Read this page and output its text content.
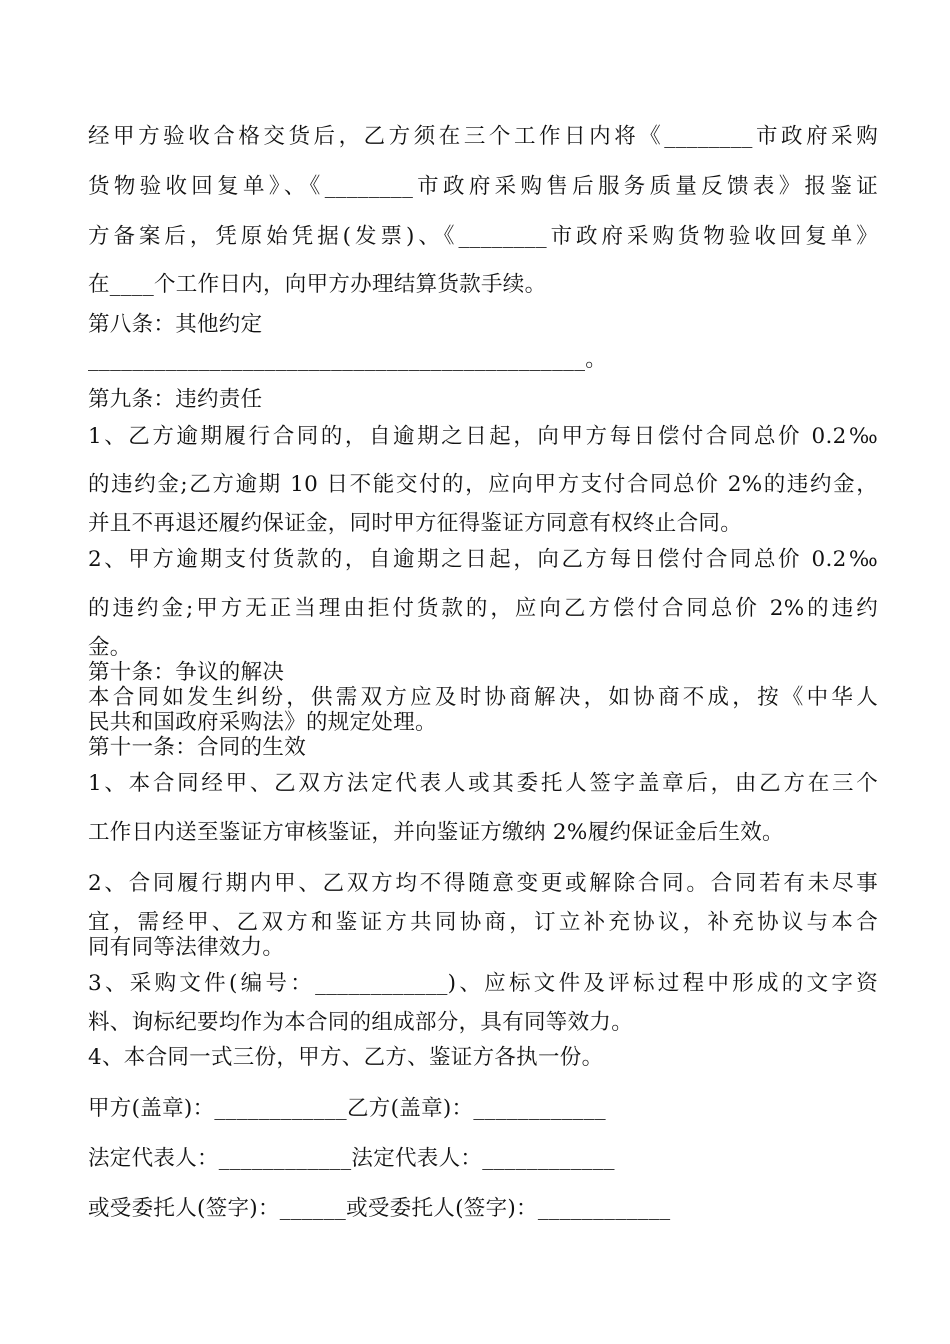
经甲方验收合格交货后，乙方须在三个工作日内将《________市政府采购
货物验收回复单》、《________市政府采购售后服务质量反馈表》报鉴证
方备案后，凭原始凭据(发票)、《________市政府采购货物验收回复单》
在____个工作日内，向甲方办理结算货款手续。
第八条：其他约定
_____________________________________________。
第九条：违约责任
1、乙方逾期履行合同的，自逾期之日起，向甲方每日偿付合同总价 0.2‰
的违约金;乙方逾期 10 日不能交付的，应向甲方支付合同总价 2%的违约金，
并且不再退还履约保证金，同时甲方征得鉴证方同意有权终止合同。
2、甲方逾期支付货款的，自逾期之日起，向乙方每日偿付合同总价 0.2‰
的违约金;甲方无正当理由拒付货款的，应向乙方偿付合同总价 2%的违约
金。
第十条：争议的解决
本合同如发生纠纷，供需双方应及时协商解决，如协商不成，按《中华人
民共和国政府采购法》的规定处理。
第十一条：合同的生效
1、本合同经甲、乙双方法定代表人或其委托人签字盖章后，由乙方在三个
工作日内送至鉴证方审核鉴证，并向鉴证方缴纳 2%履约保证金后生效。
2、合同履行期内甲、乙双方均不得随意变更或解除合同。合同若有未尽事
宜，需经甲、乙双方和鉴证方共同协商，订立补充协议，补充协议与本合
同有同等法律效力。
3、采购文件(编号：____________)、应标文件及评标过程中形成的文字资
料、询标纪要均作为本合同的组成部分，具有同等效力。
4、本合同一式三份，甲方、乙方、鉴证方各执一份。
甲方(盖章)：____________乙方(盖章)：____________
法定代表人：____________法定代表人：____________
或受委托人(签字)：______或受委托人(签字)：____________
